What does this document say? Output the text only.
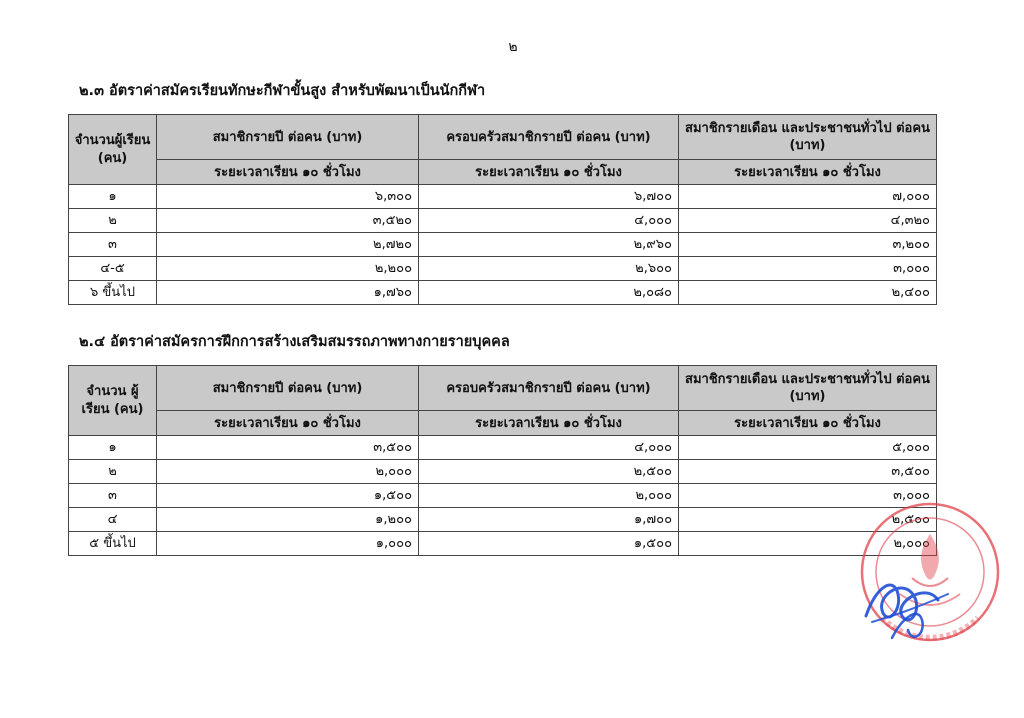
๒
๒.๓ อัตราค่าสมัครเรียนทักษะกีฬาขั้นสูง สำหรับพัฒนาเป็นนักกีฬา
จำนวนผู้เรียน (คน)	สมาชิกรายปี ต่อคน (บาท)	ครอบครัวสมาชิกรายปี ต่อคน (บาท)	สมาชิกรายเดือน และประชาชนทั่วไป ต่อคน (บาท)
	ระยะเวลาเรียน ๑๐ ชั่วโมง	ระยะเวลาเรียน ๑๐ ชั่วโมง	ระยะเวลาเรียน ๑๐ ชั่วโมง
๑	๖,๓๐๐	๖,๗๐๐	๗,๐๐๐
๒	๓,๕๒๐	๔,๐๐๐	๔,๓๒๐
๓	๒,๗๒๐	๒,๙๖๐	๓,๒๐๐
๔-๕	๒,๒๐๐	๒,๖๐๐	๓,๐๐๐
๖ ขึ้นไป	๑,๗๖๐	๒,๐๘๐	๒,๔๐๐
๒.๔ อัตราค่าสมัครการฝึกการสร้างเสริมสมรรถภาพทางกายรายบุคคล
จำนวน ผู้เรียน (คน)	สมาชิกรายปี ต่อคน (บาท)	ครอบครัวสมาชิกรายปี ต่อคน (บาท)	สมาชิกรายเดือน และประชาชนทั่วไป ต่อคน (บาท)
	ระยะเวลาเรียน ๑๐ ชั่วโมง	ระยะเวลาเรียน ๑๐ ชั่วโมง	ระยะเวลาเรียน ๑๐ ชั่วโมง
๑	๓,๕๐๐	๔,๐๐๐	๕,๐๐๐
๒	๒,๐๐๐	๒,๕๐๐	๓,๕๐๐
๓	๑,๕๐๐	๒,๐๐๐	๓,๐๐๐
๔	๑,๒๐๐	๑,๗๐๐	๒,๕๐๐
๕ ขึ้นไป	๑,๐๐๐	๑,๕๐๐	๒,๐๐๐
